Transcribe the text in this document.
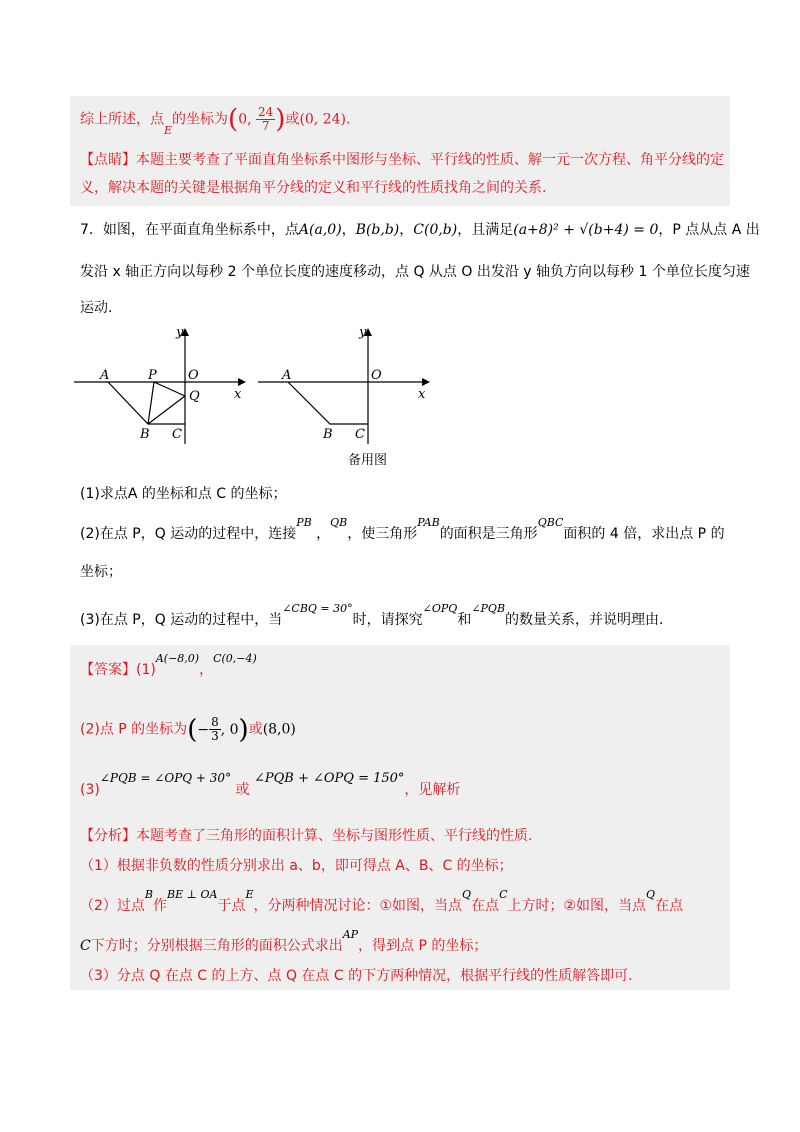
综上所述，点$_E$的坐标为(0, $\frac{24}{7}$ )或(0, 24).
【点睛】本题主要考查了平面直角坐标系中图形与坐标、平行线的性质、解一元一次方程、角平分线的定
义，解决本题的关键是根据角平分线的定义和平行线的性质找角之间的关系.
7．如图，在平面直角坐标系中，点A(a,0)，B(b,b)，C(0,b)，且满足(a+8)² + √(b+4) = 0，P 点从点 A 出
发沿 x 轴正方向以每秒 2 个单位长度的速度移动，点 Q 从点 O 出发沿 y 轴负方向以每秒 1 个单位长度匀速
运动.
y
x
A	P O
Q
B C
y
x
A	O
B C
备用图
(1)求点A 的坐标和点 C 的坐标；
(2)在点 P，Q 运动的过程中，连接$^{PB}$ ，$^{QB}$，使三角形$^{PAB}$的面积是三角形$^{QBC}$面积的 4 倍，求出点 P 的
坐标；
(3)在点 P，Q 运动的过程中，当$^{\angle CBQ = 30^\circ}$时，请探究$^{\angle OPQ}$和$^{\angle PQB}$的数量关系，并说明理由.
【答案】$(1)^{A(-8,0)}$，$^{C(0,-4)}$
(2)点 P 的坐标为(− $\frac{8}{3}$ , 0)或(8,0)
(3)∠PQB = ∠OPQ + 30° 或 ∠PQB + ∠OPQ = 150°，见解析
【分析】本题考查了三角形的面积计算、坐标与图形性质、平行线的性质.
（1）根据非负数的性质分别求出 a、b，即可得点 A、B、C 的坐标；
（2）过点$^B$作$^{BE \perp OA}$于点$^E$，分两种情况讨论：①如图，当点$^Q$在点$^C$上方时；②如图，当点$^Q$在点
C下方时；分别根据三角形的面积公式求出$^{AP}$，得到点 P 的坐标；
（3）分点 Q 在点 C 的上方、点 Q 在点 C 的下方两种情况，根据平行线的性质解答即可.
